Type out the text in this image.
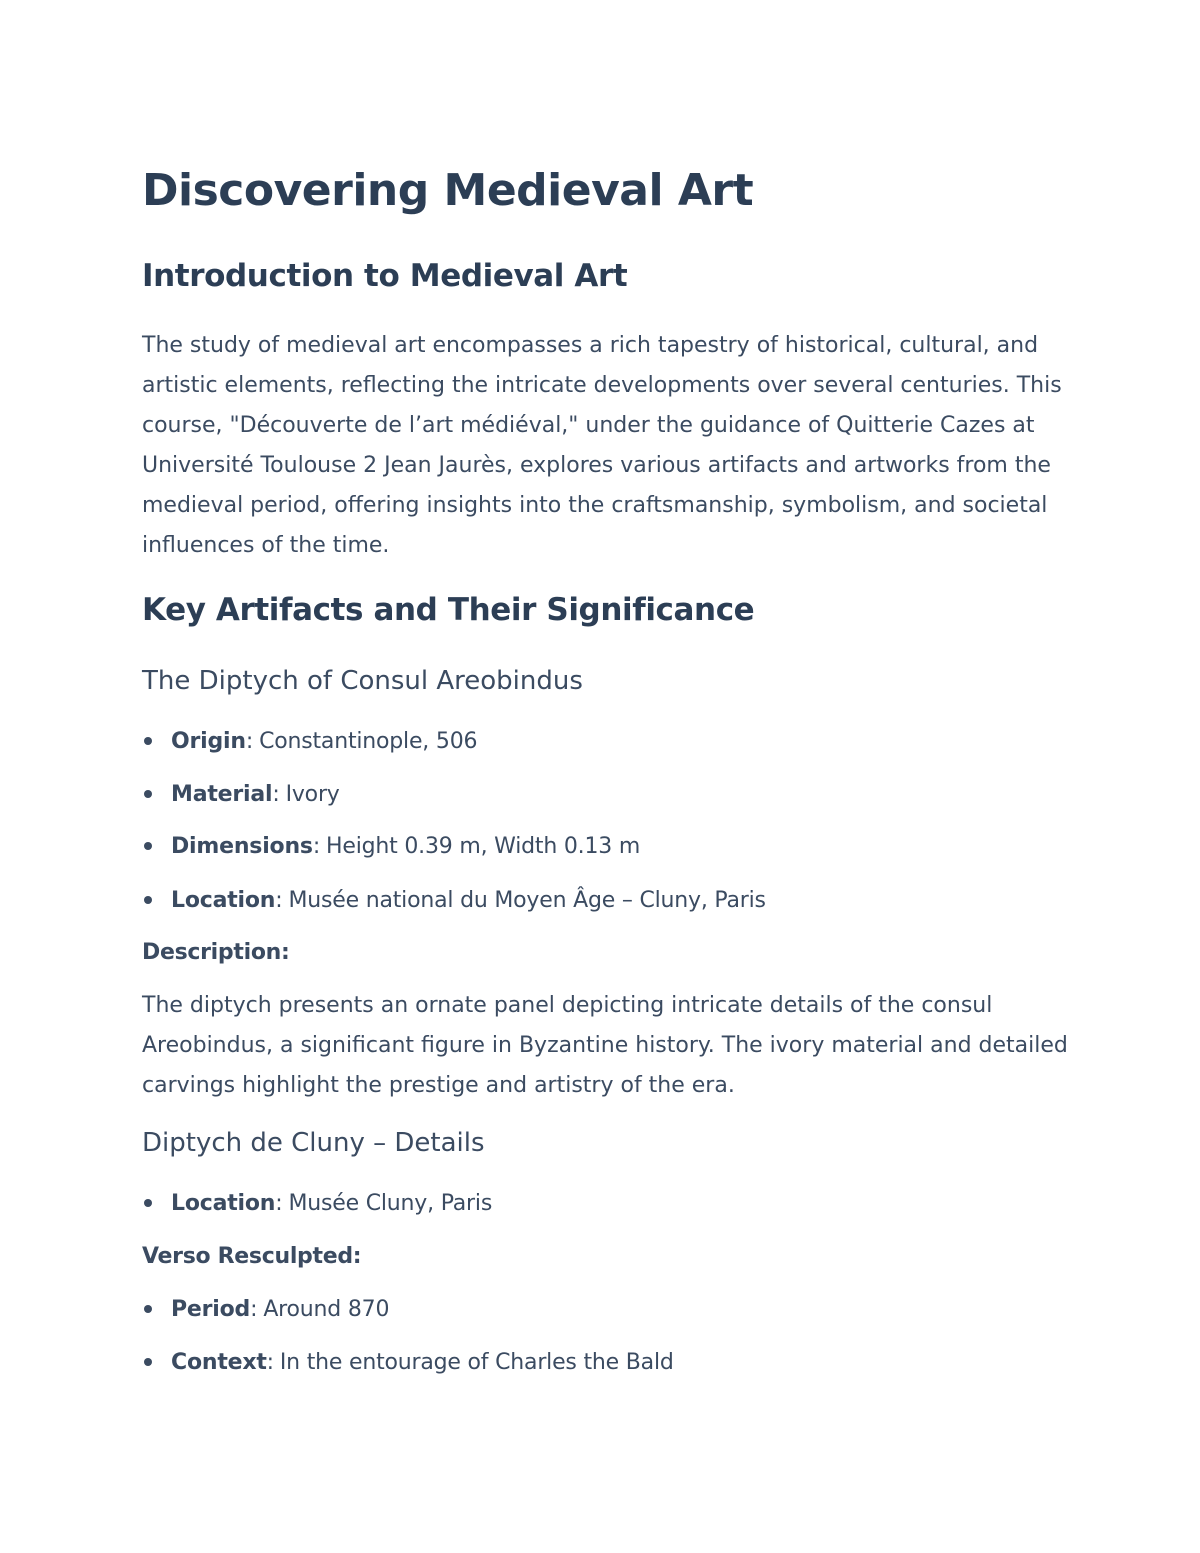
Discovering Medieval Art
Introduction to Medieval Art

The study of medieval art encompasses a rich tapestry of historical, cultural, and artistic elements, reflecting the intricate developments over several centuries. This course, "Découverte de l’art médiéval," under the guidance of Quitterie Cazes at Université Toulouse 2 Jean Jaurès, explores various artifacts and artworks from the medieval period, offering insights into the craftsmanship, symbolism, and societal influences of the time.

Key Artifacts and Their Significance
The Diptych of Consul Areobindus
Origin : Constantinople, 506
Material : Ivory
Dimensions : Height 0.39 m, Width 0.13 m
Location : Musée national du Moyen Âge – Cluny, Paris
Description:

The diptych presents an ornate panel depicting intricate details of the consul Areobindus, a significant figure in Byzantine history. The ivory material and detailed carvings highlight the prestige and artistry of the era.

Diptych de Cluny – Details
Location : Musée Cluny, Paris
Verso Resculpted:
Period : Around 870
Context : In the entourage of Charles the Bald
